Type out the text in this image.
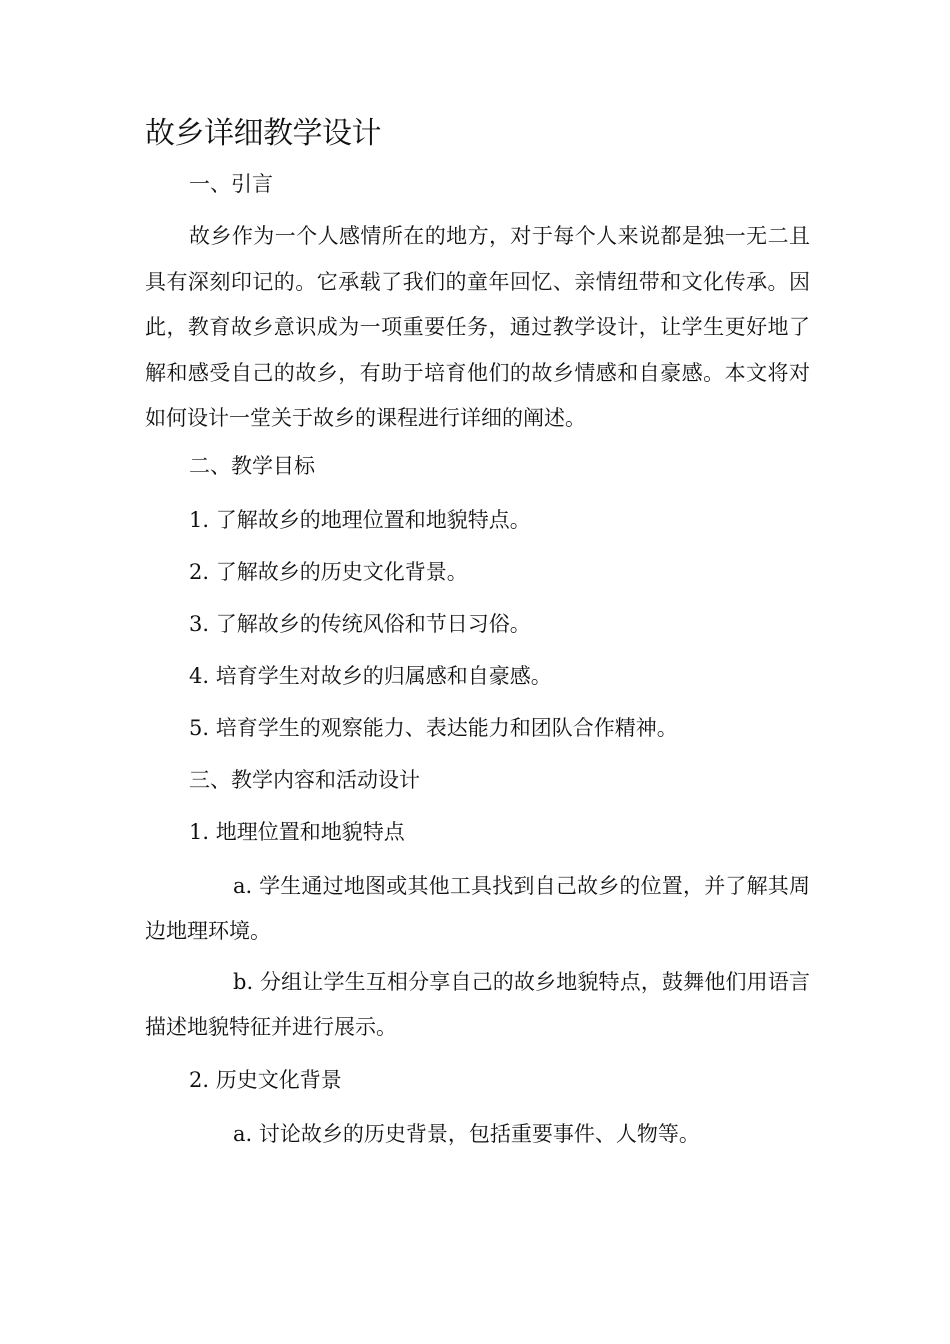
故乡详细教学设计

一、引言

故乡作为一个人感情所在的地方，对于每个人来说都是独一无二且具有深刻印记的。它承载了我们的童年回忆、亲情纽带和文化传承。因此，教育故乡意识成为一项重要任务，通过教学设计，让学生更好地了解和感受自己的故乡，有助于培育他们的故乡情感和自豪感。本文将对如何设计一堂关于故乡的课程进行详细的阐述。

二、教学目标

1. 了解故乡的地理位置和地貌特点。

2. 了解故乡的历史文化背景。

3. 了解故乡的传统风俗和节日习俗。

4. 培育学生对故乡的归属感和自豪感。

5. 培育学生的观察能力、表达能力和团队合作精神。

三、教学内容和活动设计

1. 地理位置和地貌特点

a. 学生通过地图或其他工具找到自己故乡的位置，并了解其周边地理环境。

b. 分组让学生互相分享自己的故乡地貌特点，鼓舞他们用语言描述地貌特征并进行展示。

2. 历史文化背景

a. 讨论故乡的历史背景，包括重要事件、人物等。
